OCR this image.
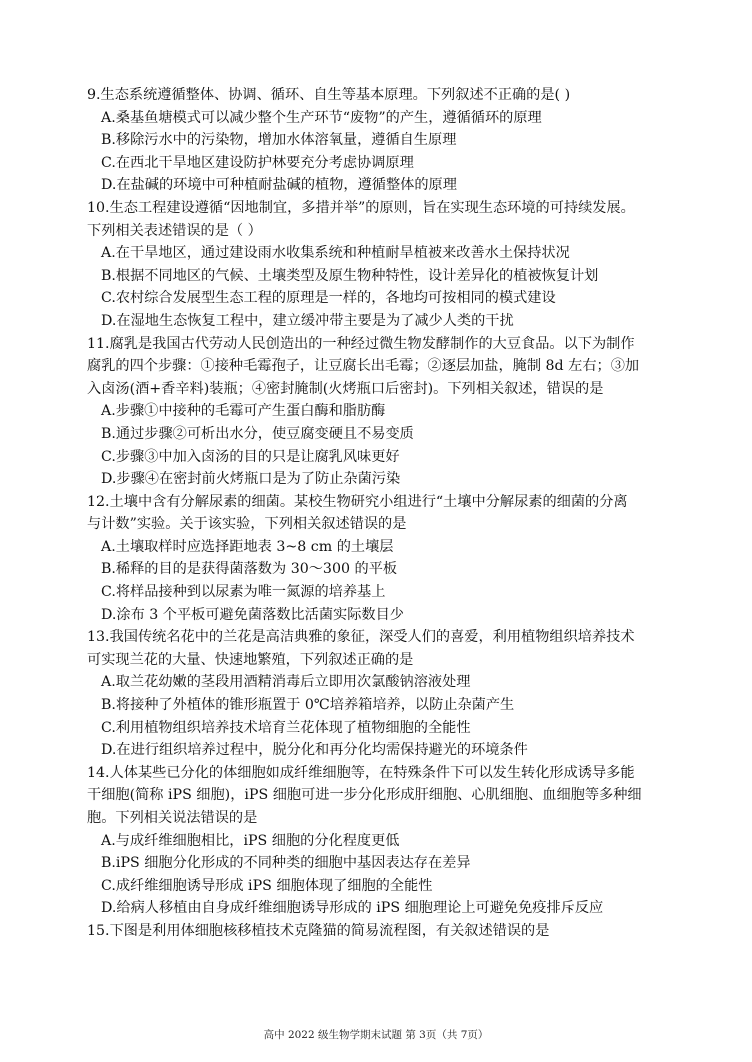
9.生态系统遵循整体、协调、循环、自生等基本原理。下列叙述不正确的是( )
A.桑基鱼塘模式可以减少整个生产环节“废物”的产生，遵循循环的原理
B.移除污水中的污染物，增加水体溶氧量，遵循自生原理
C.在西北干旱地区建设防护林要充分考虑协调原理
D.在盐碱的环境中可种植耐盐碱的植物，遵循整体的原理
10.生态工程建设遵循“因地制宜，多措并举”的原则，旨在实现生态环境的可持续发展。
下列相关表述错误的是（ ）
A.在干旱地区，通过建设雨水收集系统和种植耐旱植被来改善水土保持状况
B.根据不同地区的气候、土壤类型及原生物种特性，设计差异化的植被恢复计划
C.农村综合发展型生态工程的原理是一样的，各地均可按相同的模式建设
D.在湿地生态恢复工程中，建立缓冲带主要是为了减少人类的干扰
11.腐乳是我国古代劳动人民创造出的一种经过微生物发酵制作的大豆食品。以下为制作
腐乳的四个步骤：①接种毛霉孢子，让豆腐长出毛霉；②逐层加盐，腌制 8d 左右；③加
入卤汤(酒+香辛料)装瓶；④密封腌制(火烤瓶口后密封)。下列相关叙述，错误的是
A.步骤①中接种的毛霉可产生蛋白酶和脂肪酶
B.通过步骤②可析出水分，使豆腐变硬且不易变质
C.步骤③中加入卤汤的目的只是让腐乳风味更好
D.步骤④在密封前火烤瓶口是为了防止杂菌污染
12.土壤中含有分解尿素的细菌。某校生物研究小组进行“土壤中分解尿素的细菌的分离
与计数”实验。关于该实验，下列相关叙述错误的是
A.土壤取样时应选择距地表 3~8 cm 的土壤层
B.稀释的目的是获得菌落数为 30～300 的平板
C.将样品接种到以尿素为唯一氮源的培养基上
D.涂布 3 个平板可避免菌落数比活菌实际数目少
13.我国传统名花中的兰花是高洁典雅的象征，深受人们的喜爱，利用植物组织培养技术
可实现兰花的大量、快速地繁殖，下列叙述正确的是
A.取兰花幼嫩的茎段用酒精消毒后立即用次氯酸钠溶液处理
B.将接种了外植体的锥形瓶置于 0℃培养箱培养，以防止杂菌产生
C.利用植物组织培养技术培育兰花体现了植物细胞的全能性
D.在进行组织培养过程中，脱分化和再分化均需保持避光的环境条件
14.人体某些已分化的体细胞如成纤维细胞等，在特殊条件下可以发生转化形成诱导多能
干细胞(简称 iPS 细胞)，iPS 细胞可进一步分化形成肝细胞、心肌细胞、血细胞等多种细
胞。下列相关说法错误的是
A.与成纤维细胞相比，iPS 细胞的分化程度更低
B.iPS 细胞分化形成的不同种类的细胞中基因表达存在差异
C.成纤维细胞诱导形成 iPS 细胞体现了细胞的全能性
D.给病人移植由自身成纤维细胞诱导形成的 iPS 细胞理论上可避免免疫排斥反应
15.下图是利用体细胞核移植技术克隆猫的简易流程图，有关叙述错误的是
高中 2022 级生物学期末试题 第 3页（共 7页）
